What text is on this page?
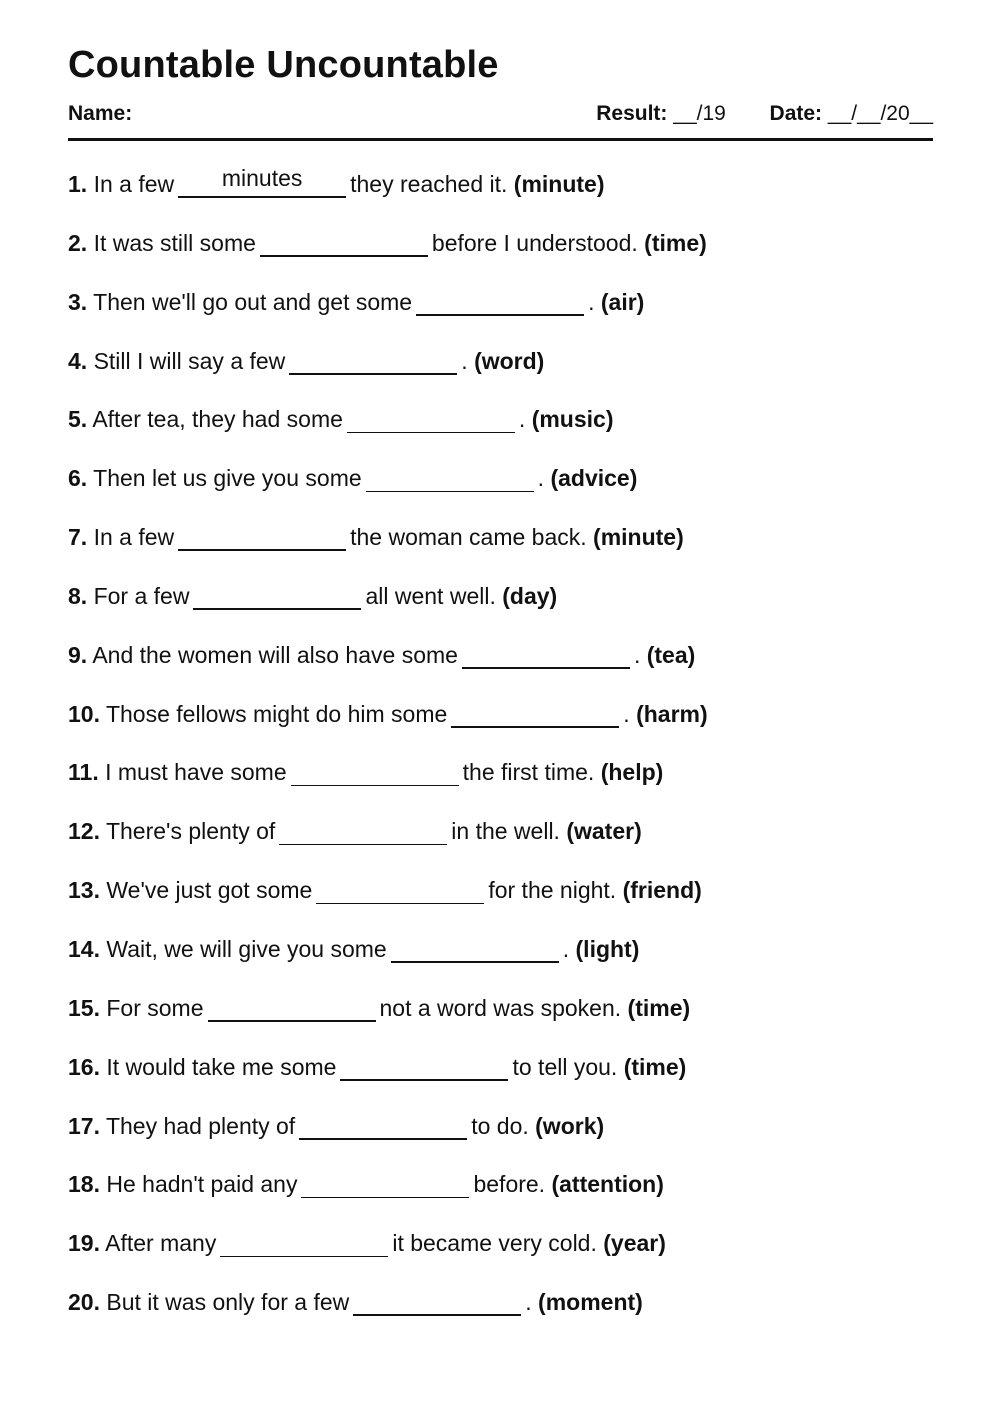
Countable Uncountable
Name:	Result: __/19 Date: __/__/20__
1. In a few	minutes	they reached it. (minute)
2. It was still some	before I understood. (time)
3. Then we'll go out and get some	. (air)
4. Still I will say a few	. (word)
5. After tea, they had some	. (music)
6. Then let us give you some	. (advice)
7. In a few	the woman came back. (minute)
8. For a few	all went well. (day)
9. And the women will also have some	. (tea)
10. Those fellows might do him some	. (harm)
11. I must have some	the first time. (help)
12. There's plenty of	in the well. (water)
13. We've just got some	for the night. (friend)
14. Wait, we will give you some	. (light)
15. For some	not a word was spoken. (time)
16. It would take me some	to tell you. (time)
17. They had plenty of	to do. (work)
18. He hadn't paid any	before. (attention)
19. After many	it became very cold. (year)
20. But it was only for a few	. (moment)
